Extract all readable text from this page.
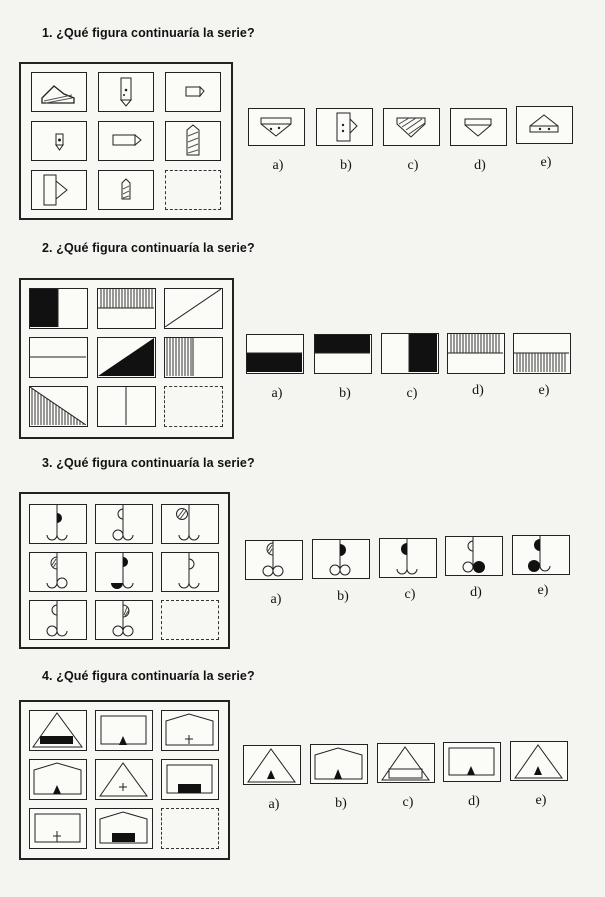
1. ¿Qué figura continuaría la serie?
a)	b)	c)	d)	e)
2. ¿Qué figura continuaría la serie?
a)	b)	c)	d)	e)
3. ¿Qué figura continuaría la serie?
a)	b)	c)	d)	e)
4. ¿Qué figura continuaría la serie?
a)	b)	c)	d)	e)
